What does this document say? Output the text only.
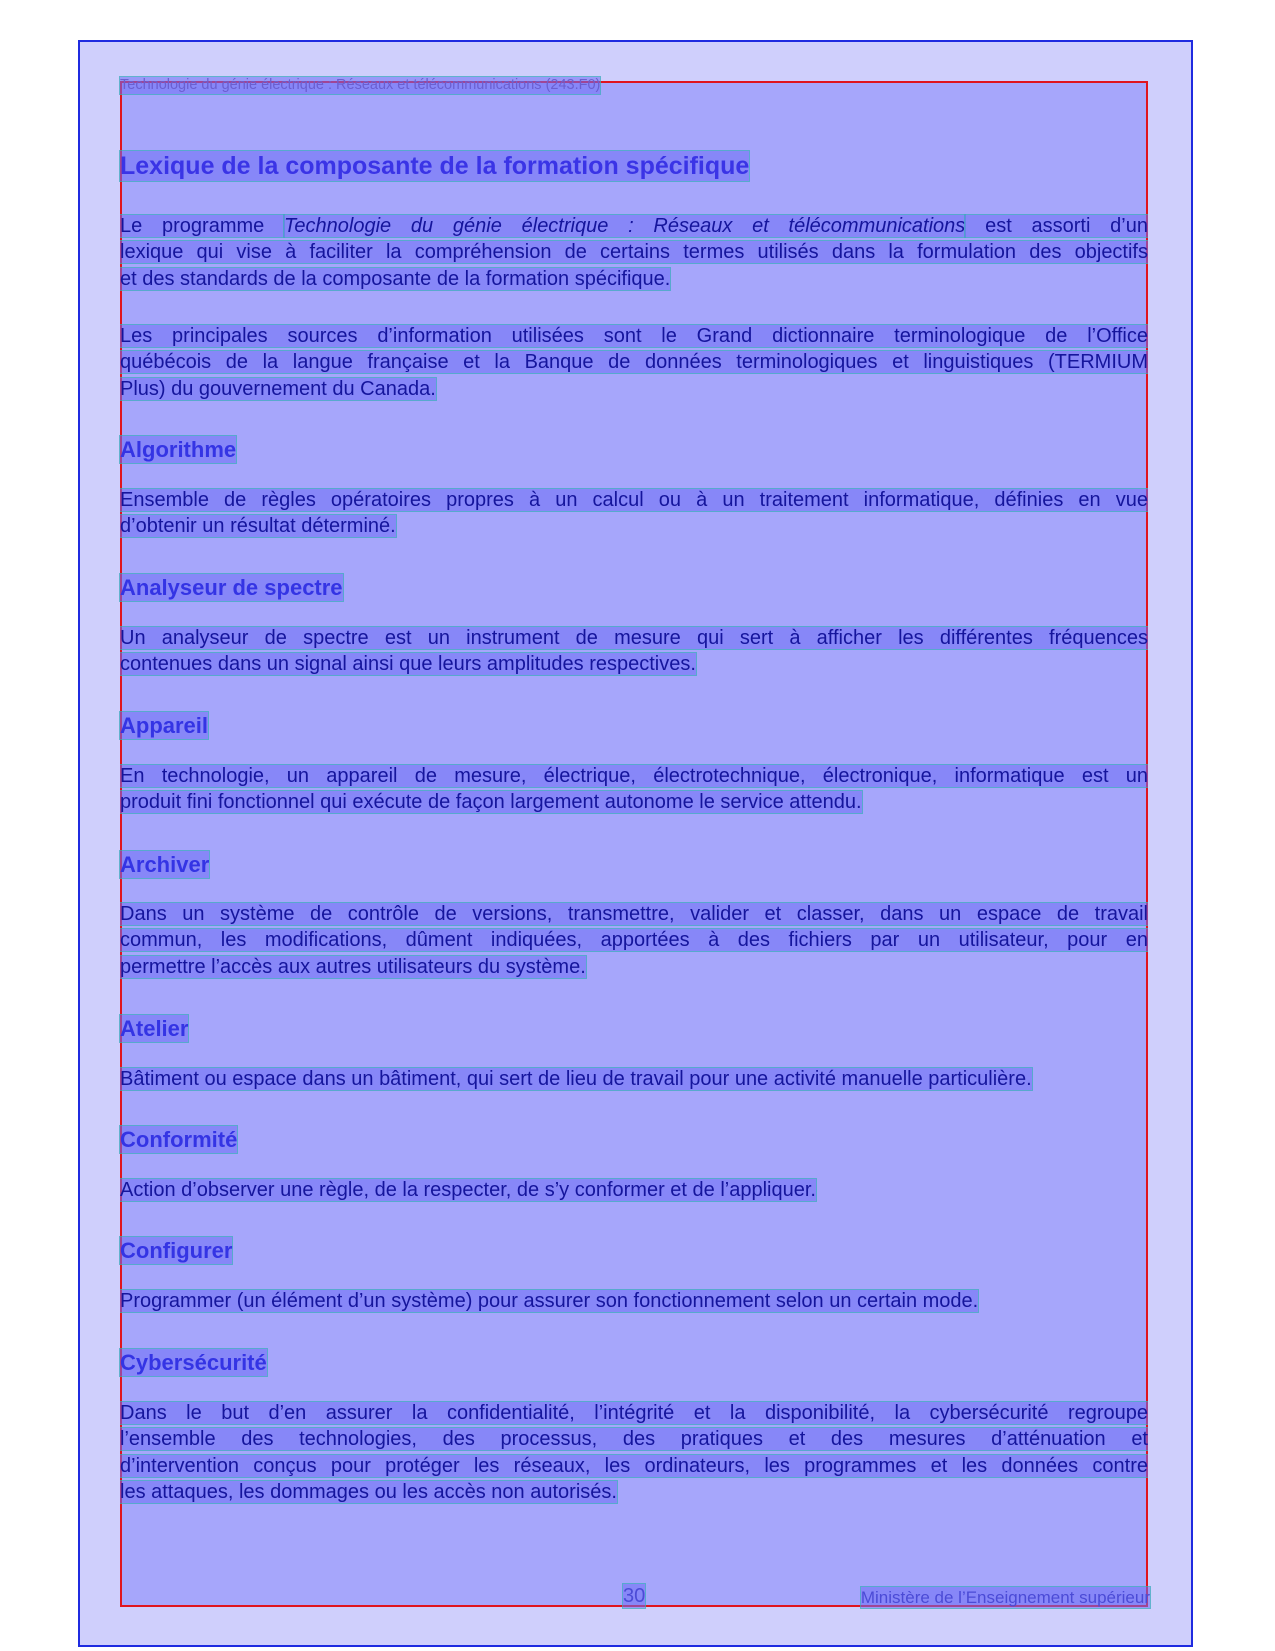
Technologie du génie électrique : Réseaux et télécommunications (243.F0)
Lexique de la composante de la formation spécifique
Le programme Technologie du génie électrique : Réseaux et télécommunications est assorti d’un
lexique qui vise à faciliter la compréhension de certains termes utilisés dans la formulation des objectifs
et des standards de la composante de la formation spécifique.
Les principales sources d’information utilisées sont le Grand dictionnaire terminologique de l’Office
québécois de la langue française et la Banque de données terminologiques et linguistiques (TERMIUM
Plus) du gouvernement du Canada.
Algorithme
Ensemble de règles opératoires propres à un calcul ou à un traitement informatique, définies en vue
d’obtenir un résultat déterminé.
Analyseur de spectre
Un analyseur de spectre est un instrument de mesure qui sert à afficher les différentes fréquences
contenues dans un signal ainsi que leurs amplitudes respectives.
Appareil
En technologie, un appareil de mesure, électrique, électrotechnique, électronique, informatique est un
produit fini fonctionnel qui exécute de façon largement autonome le service attendu.
Archiver
Dans un système de contrôle de versions, transmettre, valider et classer, dans un espace de travail
commun, les modifications, dûment indiquées, apportées à des fichiers par un utilisateur, pour en
permettre l’accès aux autres utilisateurs du système.
Atelier
Bâtiment ou espace dans un bâtiment, qui sert de lieu de travail pour une activité manuelle particulière.
Conformité
Action d’observer une règle, de la respecter, de s’y conformer et de l’appliquer.
Configurer
Programmer (un élément d’un système) pour assurer son fonctionnement selon un certain mode.
Cybersécurité
Dans le but d’en assurer la confidentialité, l’intégrité et la disponibilité, la cybersécurité regroupe
l’ensemble des technologies, des processus, des pratiques et des mesures d’atténuation et
d’intervention conçus pour protéger les réseaux, les ordinateurs, les programmes et les données contre
les attaques, les dommages ou les accès non autorisés.
30	Ministère de l’Enseignement supérieur
